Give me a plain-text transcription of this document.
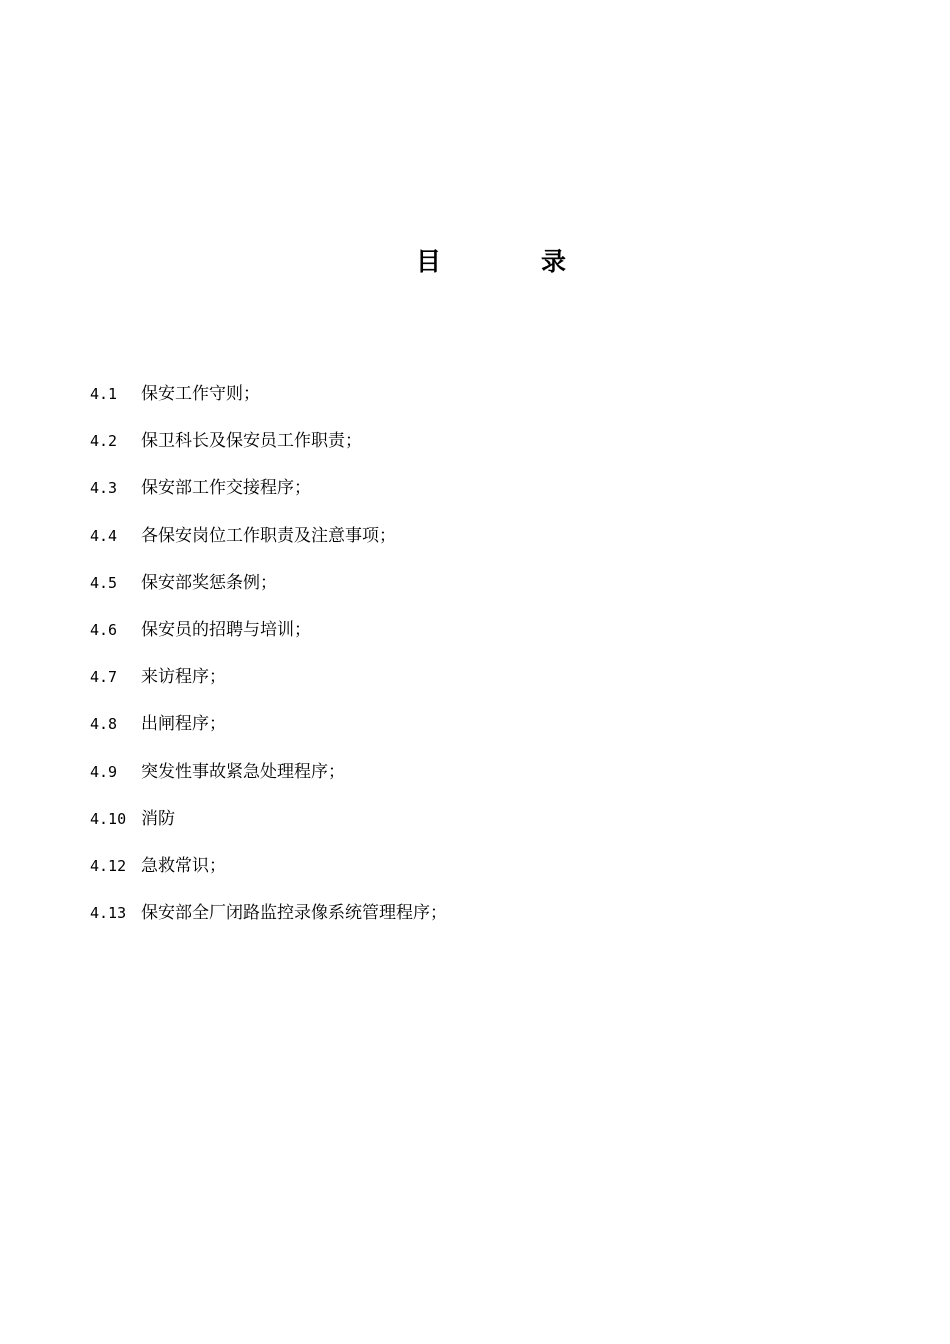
目	录
4.1 保安工作守则；
4.2 保卫科长及保安员工作职责；
4.3 保安部工作交接程序；
4.4 各保安岗位工作职责及注意事项；
4.5 保安部奖惩条例；
4.6 保安员的招聘与培训；
4.7 来访程序；
4.8 出闸程序；
4.9 突发性事故紧急处理程序；
4.10 消防
4.12 急救常识；
4.13 保安部全厂闭路监控录像系统管理程序；
